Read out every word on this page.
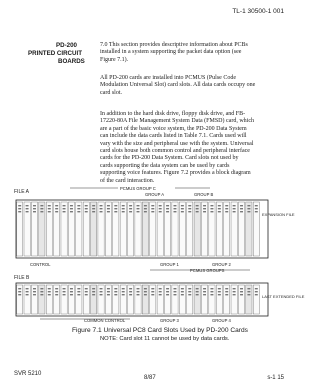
TL-1 30500-1 001
PD-200
PRINTED CIRCUIT
BOARDS
7.0 This section provides descriptive information about PCBs
installed in a system supporting the packet data option (see
Figure 7.1).
All PD-200 cards are installed into PCMUS (Pulse Code
Modulation Universal Slot) card slots. All data cards occupy one
card slot.
In addition to the hard disk drive, floppy disk drive, and FB-
17220-80A File Management System Data (FMSD) card, which
are a part of the basic voice system, the PD-200 Data System
can include the data cards listed in Table 7.1. Cards used will
vary with the size and peripheral use with the system. Universal
card slots house both common control and peripheral interface
cards for the PD-200 Data System. Card slots not used by
cards supporting the data system can be used by cards
supporting voice features. Figure 7.2 provides a block diagram
of the card interaction.
FILE A
PCMUS GROUP C
GROUP A	GROUP B
EXPANSION FILE
CONTROL	GROUP 1	GROUP 2
PCMUS GROUPS
FILE B
LAST EXTENDED FILE
COMMON CONTROL	GROUP 3	GROUP 4
Figure 7.1 Universal PC8 Card Slots Used by PD-200 Cards
NOTE: Card slot 11 cannot be used by data cards.
SVR 5210
8/87	s-1 15
